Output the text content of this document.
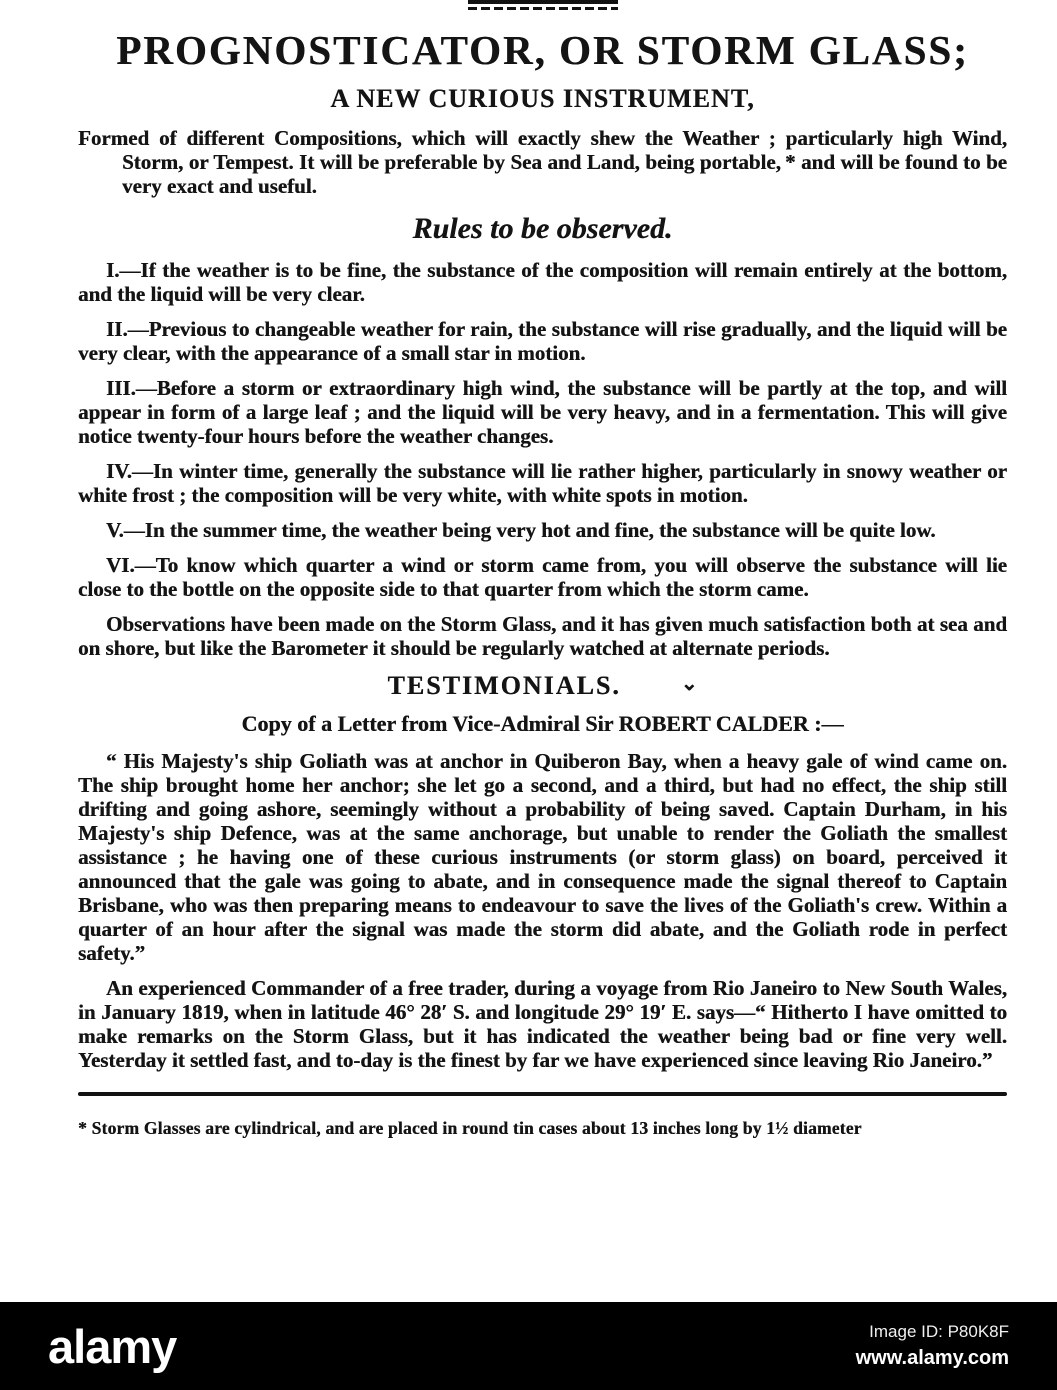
PROGNOSTICATOR, OR STORM GLASS;
A NEW CURIOUS INSTRUMENT,

Formed of different Compositions, which will exactly shew the Weather ; particularly high Wind, Storm, or Tempest. It will be preferable by Sea and Land, being portable, * and will be found to be very exact and useful.

Rules to be observed.

I.—If the weather is to be fine, the substance of the composition will remain entirely at the bottom, and the liquid will be very clear.

II.—Previous to changeable weather for rain, the substance will rise gradually, and the liquid will be very clear, with the appearance of a small star in motion.

III.—Before a storm or extraordinary high wind, the substance will be partly at the top, and will appear in form of a large leaf ; and the liquid will be very heavy, and in a fermentation. This will give notice twenty-four hours before the weather changes.

IV.—In winter time, generally the substance will lie rather higher, particularly in snowy weather or white frost ; the composition will be very white, with white spots in motion.

V.—In the summer time, the weather being very hot and fine, the substance will be quite low.

VI.—To know which quarter a wind or storm came from, you will observe the substance will lie close to the bottle on the opposite side to that quarter from which the storm came.

Observations have been made on the Storm Glass, and it has given much satisfaction both at sea and on shore, but like the Barometer it should be regularly watched at alternate periods.

TESTIMONIALS.	⌄

Copy of a Letter from Vice-Admiral Sir ROBERT CALDER :—

“ His Majesty's ship Goliath was at anchor in Quiberon Bay, when a heavy gale of wind came on. The ship brought home her anchor; she let go a second, and a third, but had no effect, the ship still drifting and going ashore, seemingly without a probability of being saved. Captain Durham, in his Majesty's ship Defence, was at the same anchorage, but unable to render the Goliath the smallest assistance ; he having one of these curious instruments (or storm glass) on board, perceived it announced that the gale was going to abate, and in consequence made the signal thereof to Captain Brisbane, who was then preparing means to endeavour to save the lives of the Goliath's crew. Within a quarter of an hour after the signal was made the storm did abate, and the Goliath rode in perfect safety.”

An experienced Commander of a free trader, during a voyage from Rio Janeiro to New South Wales, in January 1819, when in latitude 46° 28′ S. and longitude 29° 19′ E. says—“ Hitherto I have omitted to make remarks on the Storm Glass, but it has indicated the weather being bad or fine very well. Yesterday it settled fast, and to-day is the finest by far we have experienced since leaving Rio Janeiro.”

* Storm Glasses are cylindrical, and are placed in round tin cases about 13 inches long by 1½ diameter

alamy	Image ID: P80K8F
www.alamy.com
